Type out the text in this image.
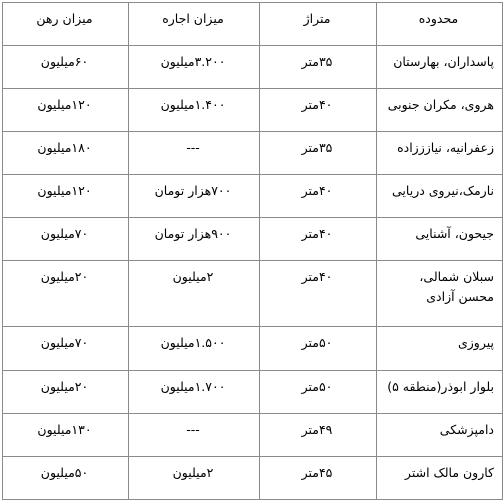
محدوده	متراژ	میزان اجاره	میزان رهن
پاسداران، بهارستان	۳۵متر	۳.۲۰۰میلیون	۶۰میلیون
هروی، مکران جنوبی	۴۰متر	۱.۴۰۰میلیون	۱۲۰میلیون
زعفرانیه، نیازززاده	۳۵متر	---	۱۸۰میلیون
نارمک،نیروی دریایی	۴۰متر	۷۰۰هزار تومان	۱۲۰میلیون
جیحون، آشنایی	۴۰متر	۹۰۰هزار تومان	۷۰میلیون
سبلان شمالی، محسن آزادی	۴۰متر	۲میلیون	۲۰میلیون
پیروزی	۵۰متر	۱.۵۰۰میلیون	۷۰میلیون
بلوار ابوذر(منطقه ۵)	۵۰متر	۱.۷۰۰میلیون	۲۰میلیون
دامپزشکی	۴۹متر	---	۱۳۰میلیون
کارون مالک اشتر	۴۵متر	۲میلیون	۵۰میلیون
